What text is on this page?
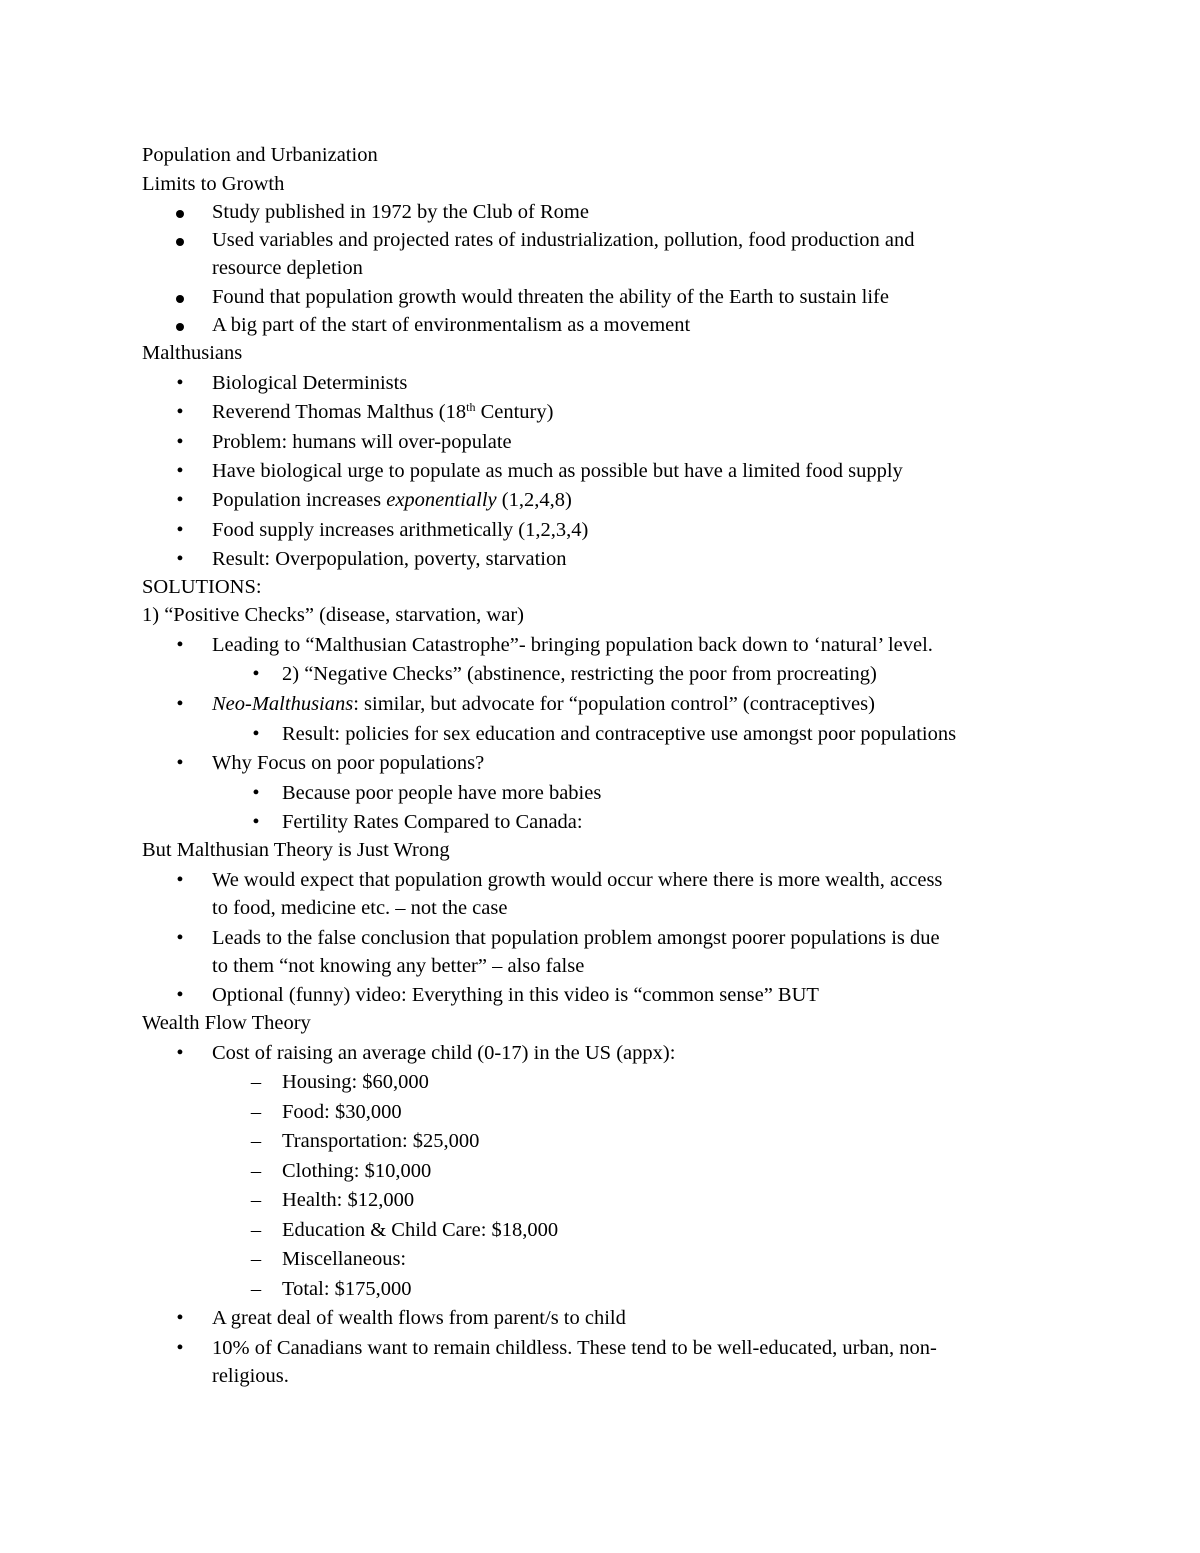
Population and Urbanization
Limits to Growth
Study published in 1972 by the Club of Rome
Used variables and projected rates of industrialization, pollution, food production and
resource depletion
Found that population growth would threaten the ability of the Earth to sustain life
A big part of the start of environmentalism as a movement
Malthusians
•	Biological Determinists
•	Reverend Thomas Malthus (18th Century)
•	Problem: humans will over-populate
•	Have biological urge to populate as much as possible but have a limited food supply
•	Population increases exponentially (1,2,4,8)
•	Food supply increases arithmetically (1,2,3,4)
•	Result: Overpopulation, poverty, starvation
SOLUTIONS:
1) “Positive Checks” (disease, starvation, war)
•	Leading to “Malthusian Catastrophe”- bringing population back down to ‘natural’ level.
•	2) “Negative Checks” (abstinence, restricting the poor from procreating)
•	Neo-Malthusians: similar, but advocate for “population control” (contraceptives)
•	Result: policies for sex education and contraceptive use amongst poor populations
•	Why Focus on poor populations?
•	Because poor people have more babies
•	Fertility Rates Compared to Canada:
But Malthusian Theory is Just Wrong
•	We would expect that population growth would occur where there is more wealth, access
to food, medicine etc. – not the case
•	Leads to the false conclusion that population problem amongst poorer populations is due
to them “not knowing any better” – also false
•	Optional (funny) video: Everything in this video is “common sense” BUT
Wealth Flow Theory
•	Cost of raising an average child (0-17) in the US (appx):
–	Housing: $60,000
–	Food: $30,000
–	Transportation: $25,000
–	Clothing: $10,000
–	Health: $12,000
–	Education & Child Care: $18,000
–	Miscellaneous:
–	Total: $175,000
•	A great deal of wealth flows from parent/s to child
•	10% of Canadians want to remain childless. These tend to be well-educated, urban, non-
religious.
